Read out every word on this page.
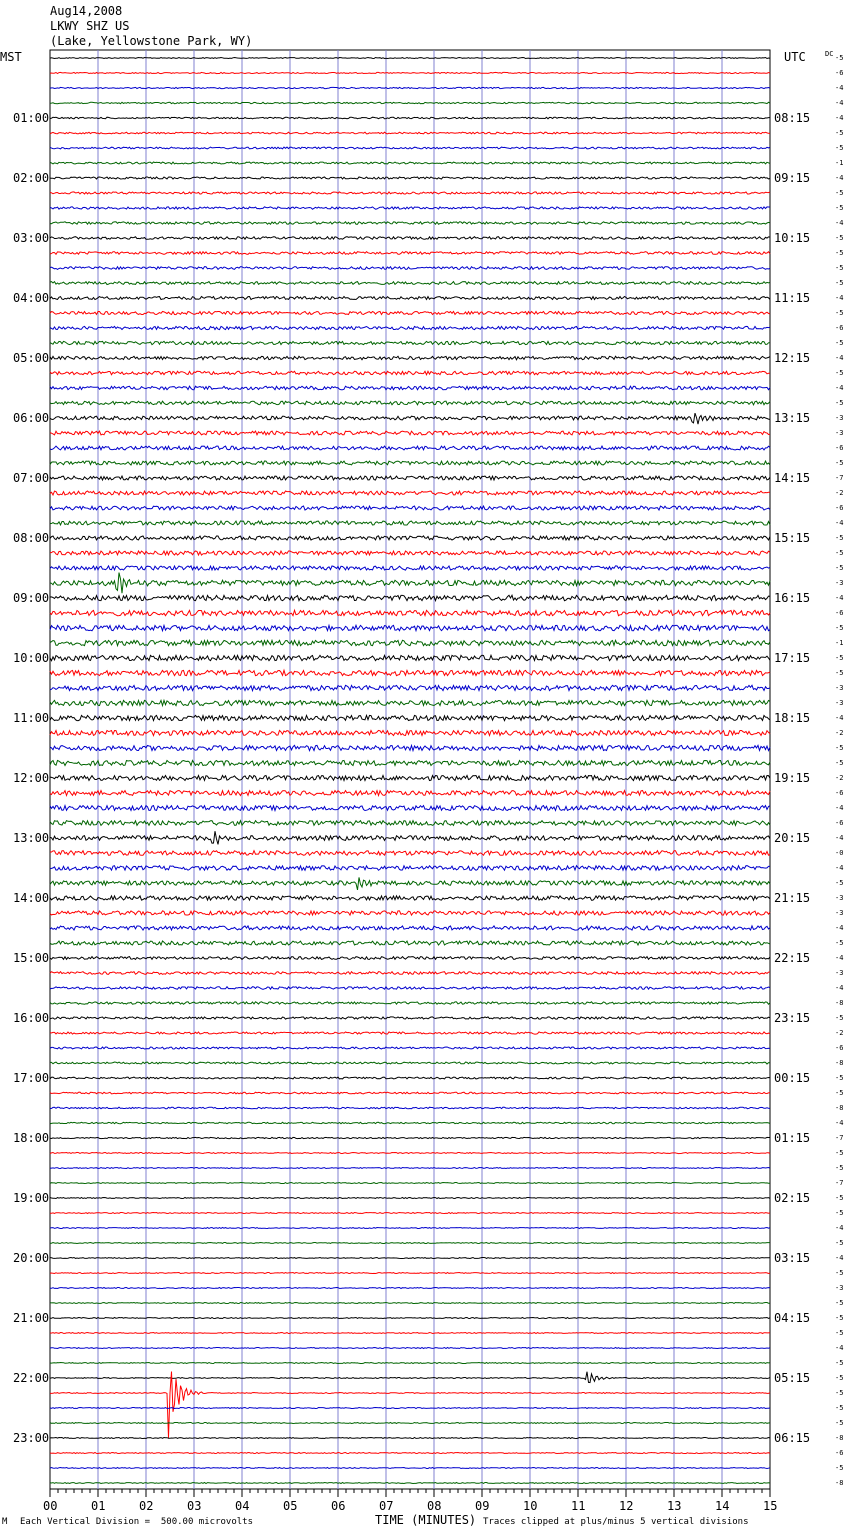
Aug14,2008
LKWY SHZ US
(Lake, Yellowstone Park, WY)
MST	UTC	DC
01:00
02:00
03:00
04:00
05:00
06:00
07:00
08:00
09:00
10:00
11:00
12:00
13:00
14:00
15:00
16:00
17:00
18:00
19:00
20:00
21:00
22:00
23:00
08:15
09:15
10:15
11:15
12:15
13:15
14:15
15:15
16:15
17:15
18:15
19:15
20:15
21:15
22:15
23:15
00:15
01:15
02:15
03:15
04:15
05:15
06:15
-5
-6
-4
-4
-4
-5
-5
-1
-4
-5
-5
-4
-5
-5
-5
-5
-4
-5
-6
-5
-4
-5
-4
-5
-3
-3
-6
-5
-7
-2
-6
-4
-5
-5
-5
-3
-4
-6
-5
-1
-5
-5
-3
-3
-4
-2
-5
-5
-2
-6
-4
-6
-4
-0
-4
-5
-3
-3
-4
-5
-4
-3
-4
-8
-5
-2
-6
-8
-5
-5
-8
-4
-7
-5
-5
-7
-5
-5
-4
-5
-4
-5
-3
-5
-5
-5
-4
-5
-5
-5
-5
-5
-8
-6
-5
-8
00	01	02	03	04	05	06	07	08	09	10	11	12	13	14	15
M Each Vertical Division =  500.00 microvolts	TIME (MINUTES) Traces clipped at plus/minus 5 vertical divisions
